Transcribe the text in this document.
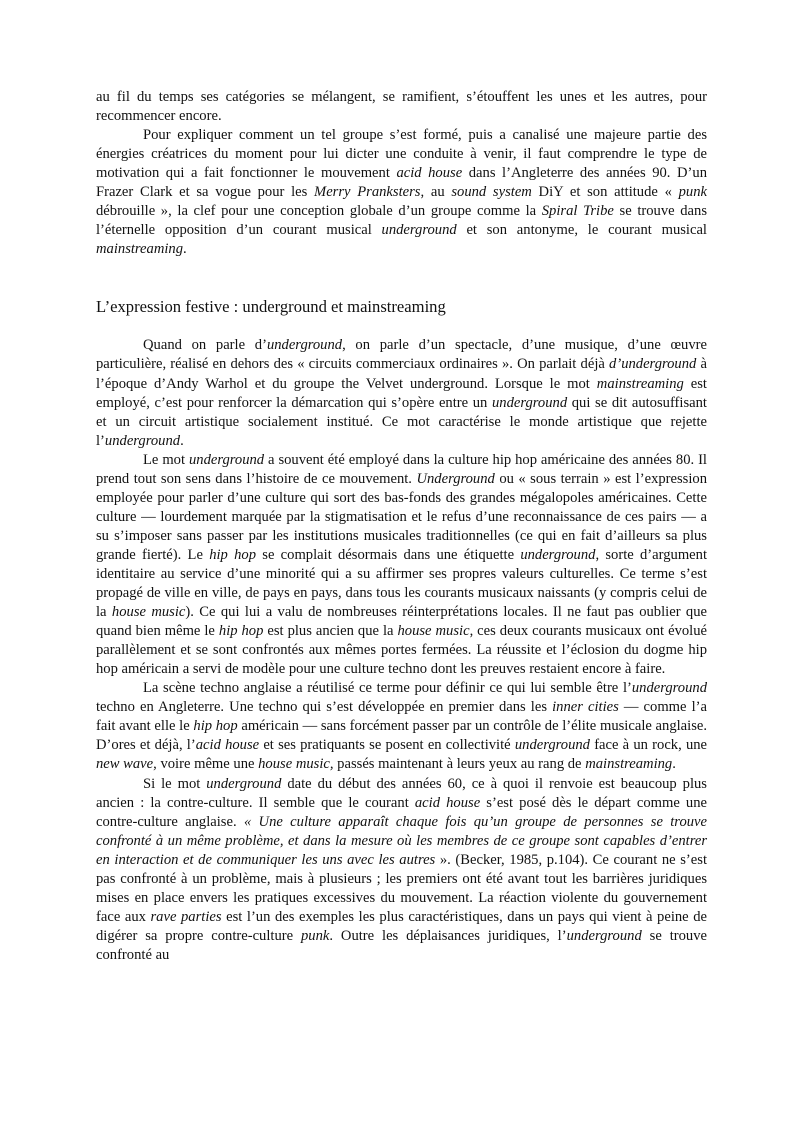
au fil du temps ses catégories se mélangent, se ramifient, s’étouffent les unes et les autres, pour recommencer encore.

Pour expliquer comment un tel groupe s’est formé, puis a canalisé une majeure partie des énergies créatrices du moment pour lui dicter une conduite à venir, il faut comprendre le type de motivation qui a fait fonctionner le mouvement acid house dans l’Angleterre des années 90. D’un Frazer Clark et sa vogue pour les Merry Pranksters, au sound system DiY et son attitude « punk débrouille », la clef pour une conception globale d’un groupe comme la Spiral Tribe se trouve dans l’éternelle opposition d’un courant musical underground et son antonyme, le courant musical mainstreaming.

L’expression festive : underground et mainstreaming

Quand on parle d’underground, on parle d’un spectacle, d’une musique, d’une œuvre particulière, réalisé en dehors des « circuits commerciaux ordinaires ». On parlait déjà d’underground à l’époque d’Andy Warhol et du groupe the Velvet underground. Lorsque le mot mainstreaming est employé, c’est pour renforcer la démarcation qui s’opère entre un underground qui se dit autosuffisant et un circuit artistique socialement institué. Ce mot caractérise le monde artistique que rejette l’underground.

Le mot underground a souvent été employé dans la culture hip hop américaine des années 80. Il prend tout son sens dans l’histoire de ce mouvement. Underground ou « sous terrain » est l’expression employée pour parler d’une culture qui sort des bas-fonds des grandes mégalopoles américaines. Cette culture — lourdement marquée par la stigmatisation et le refus d’une reconnaissance de ces pairs — a su s’imposer sans passer par les institutions musicales traditionnelles (ce qui en fait d’ailleurs sa plus grande fierté). Le hip hop se complait désormais dans une étiquette underground, sorte d’argument identitaire au service d’une minorité qui a su affirmer ses propres valeurs culturelles. Ce terme s’est propagé de ville en ville, de pays en pays, dans tous les courants musicaux naissants (y compris celui de la house music). Ce qui lui a valu de nombreuses réinterprétations locales. Il ne faut pas oublier que quand bien même le hip hop est plus ancien que la house music, ces deux courants musicaux ont évolué parallèlement et se sont confrontés aux mêmes portes fermées. La réussite et l’éclosion du dogme hip hop américain a servi de modèle pour une culture techno dont les preuves restaient encore à faire.

La scène techno anglaise a réutilisé ce terme pour définir ce qui lui semble être l’underground techno en Angleterre. Une techno qui s’est développée en premier dans les inner cities — comme l’a fait avant elle le hip hop américain — sans forcément passer par un contrôle de l’élite musicale anglaise. D’ores et déjà, l’acid house et ses pratiquants se posent en collectivité underground face à un rock, une new wave, voire même une house music, passés maintenant à leurs yeux au rang de mainstreaming.

Si le mot underground date du début des années 60, ce à quoi il renvoie est beaucoup plus ancien : la contre-culture. Il semble que le courant acid house s’est posé dès le départ comme une contre-culture anglaise. « Une culture apparaît chaque fois qu’un groupe de personnes se trouve confronté à un même problème, et dans la mesure où les membres de ce groupe sont capables d’entrer en interaction et de communiquer les uns avec les autres ». (Becker, 1985, p.104). Ce courant ne s’est pas confronté à un problème, mais à plusieurs ; les premiers ont été avant tout les barrières juridiques mises en place envers les pratiques excessives du mouvement. La réaction violente du gouvernement face aux rave parties est l’un des exemples les plus caractéristiques, dans un pays qui vient à peine de digérer sa propre contre-culture punk. Outre les déplaisances juridiques, l’underground se trouve confronté au
